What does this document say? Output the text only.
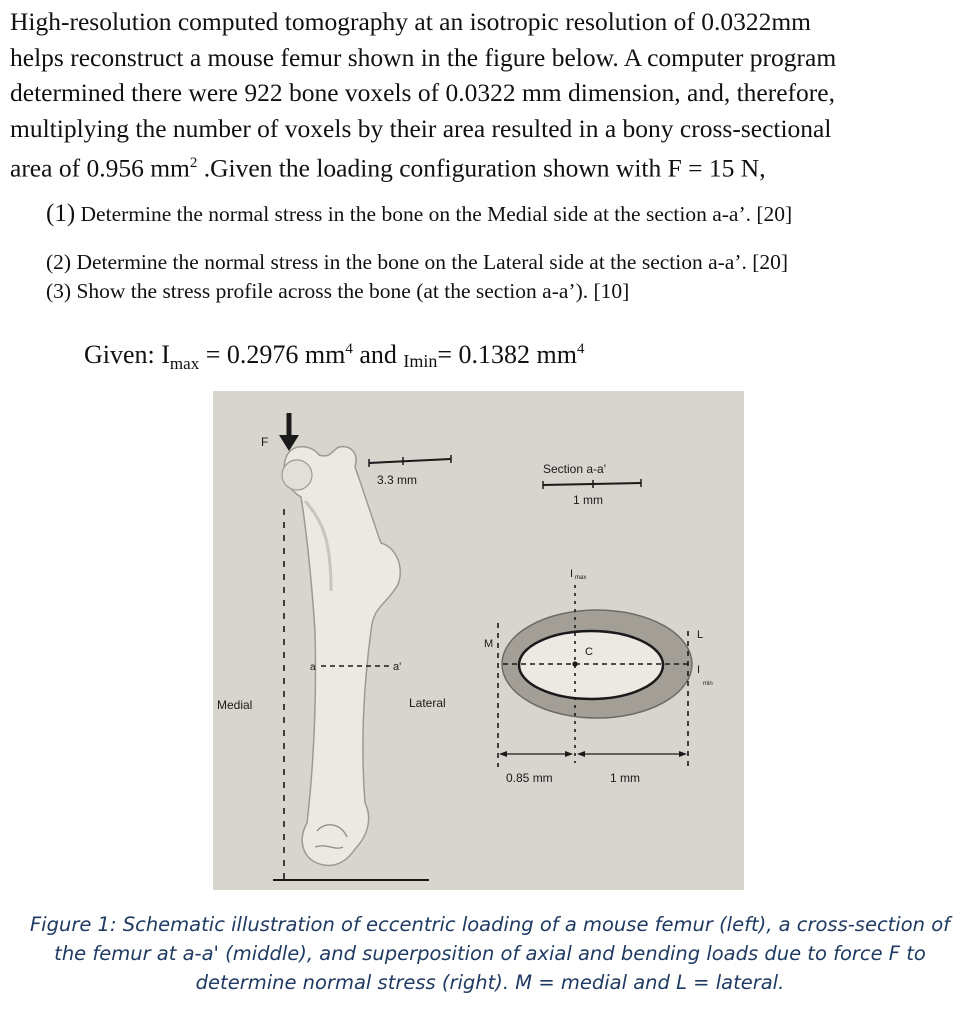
High-resolution computed tomography at an isotropic resolution of 0.0322mm
helps reconstruct a mouse femur shown in the figure below. A computer program
determined there were 922 bone voxels of 0.0322 mm dimension, and, therefore,
multiplying the number of voxels by their area resulted in a bony cross-sectional
area of 0.956 $mm^2$ .Given the loading configuration shown with F = 15 N,

(1) Determine the normal stress in the bone on the Medial side at the section a-a’. [20]

(2) Determine the normal stress in the bone on the Lateral side at the section a-a’. [20]

(3) Show the stress profile across the bone (at the section a-a’). [10]

Given: $I_{max} = 0.2976$ $mm^4$ and Imin= 0.1382 $mm^4$

F
3.3 mm
a	a'
Medial	Lateral
Section a-a'
1 mm
I max
I
min
C
M
L
0.85 mm	1 mm

Figure 1: Schematic illustration of eccentric loading of a mouse femur (left), a cross-section of
the femur at a-a' (middle), and superposition of axial and bending loads due to force F to
determine normal stress (right). M = medial and L = lateral.
